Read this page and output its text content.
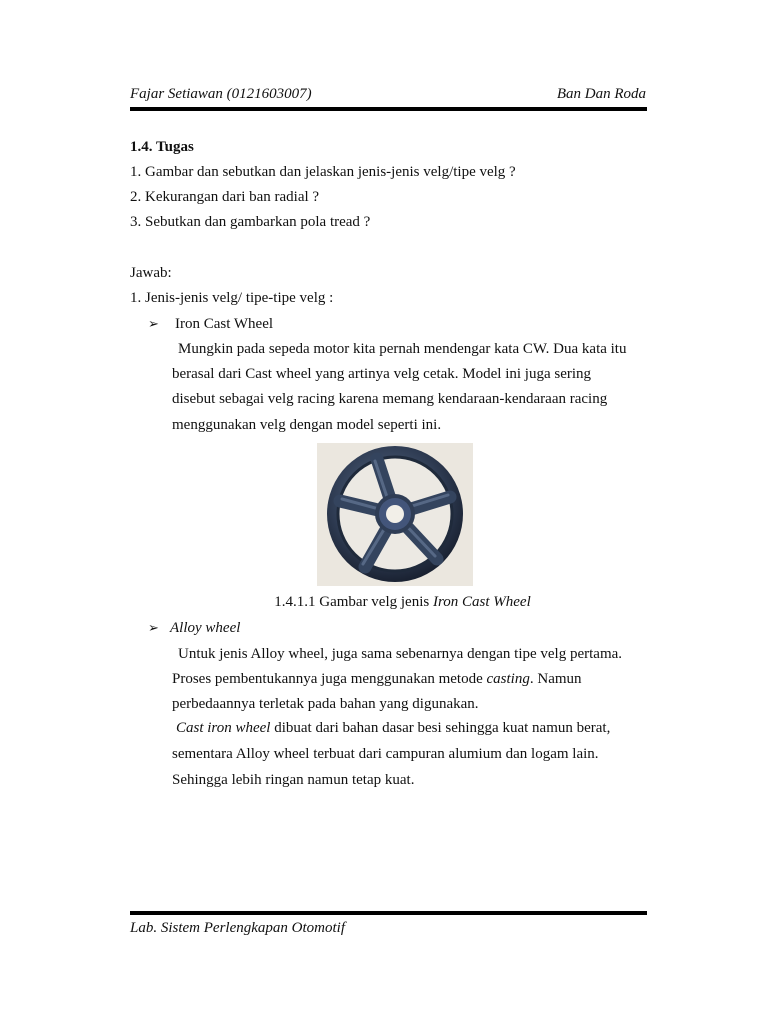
Fajar Setiawan (0121603007)	Ban Dan Roda
1.4. Tugas
1. Gambar dan sebutkan dan jelaskan jenis-jenis velg/tipe velg ?
2. Kekurangan dari ban radial ?
3. Sebutkan dan gambarkan pola tread ?
Jawab:
1. Jenis-jenis velg/ tipe-tipe velg :
➢ Iron Cast Wheel
Mungkin pada sepeda motor kita pernah mendengar kata CW. Dua kata itu
berasal dari Cast wheel yang artinya velg cetak. Model ini juga sering
disebut sebagai velg racing karena memang kendaraan-kendaraan racing
menggunakan velg dengan model seperti ini.
1.4.1.1 Gambar velg jenis Iron Cast Wheel
➢ Alloy wheel
Untuk jenis Alloy wheel, juga sama sebenarnya dengan tipe velg pertama.
Proses pembentukannya juga menggunakan metode casting. Namun
perbedaannya terletak pada bahan yang digunakan.
Cast iron wheel dibuat dari bahan dasar besi sehingga kuat namun berat,
sementara Alloy wheel terbuat dari campuran alumium dan logam lain.
Sehingga lebih ringan namun tetap kuat.
Lab. Sistem Perlengkapan Otomotif
